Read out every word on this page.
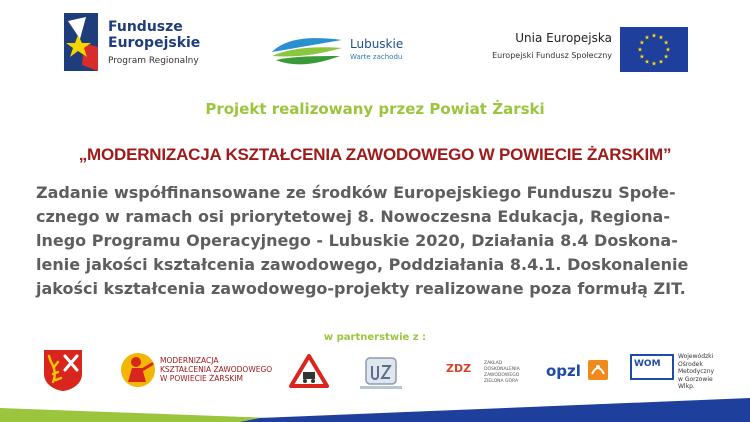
Fundusze
Europejskie
Program Regionalny
Lubuskie
Warte zachodu
Unia Europejska
Europejski Fundusz Społeczny
Projekt realizowany przez Powiat Żarski
„MODERNIZACJA KSZTAŁCENIA ZAWODOWEGO W POWIECIE ŻARSKIM”
Zadanie współfinansowane ze środków Europejskiego Funduszu Społe-
cznego w ramach osi priorytetowej 8. Nowoczesna Edukacja, Regiona-
lnego Programu Operacyjnego - Lubuskie 2020, Działania 8.4 Doskona-
lenie jakości kształcenia zawodowego, Poddziałania 8.4.1. Doskonalenie
jakości kształcenia zawodowego-projekty realizowane poza formułą ZIT.
w partnerstwie z :
MODERNIZACJA
KSZTAŁCENIA ZAWODOWEGO
W POWIECIE ŻARSKIM
ZDZ	ZAKŁAD
DOSKONALENIA
ZAWODOWEGO
ZIELONA GÓRA
opzl	WOM
Wojewódzki
Ośrodek
Metodyczny
w Gorzowie Wlkp.
